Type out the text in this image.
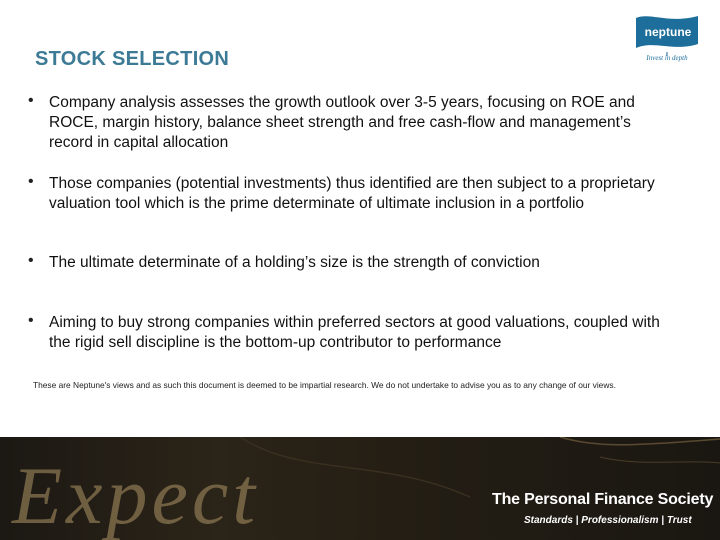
STOCK SELECTION
neptune
Invest in depth
• Company analysis assesses the growth outlook over 3-5 years, focusing on ROE and ROCE, margin history, balance sheet strength and free cash-flow and management’s record in capital allocation
• Those companies (potential investments) thus identified are then subject to a proprietary valuation tool which is the prime determinate of ultimate inclusion in a portfolio
• The ultimate determinate of a holding’s size is the strength of conviction
• Aiming to buy strong companies within preferred sectors at good valuations, coupled with the rigid sell discipline is the bottom-up contributor to performance
These are Neptune's views and as such this document is deemed to be impartial research. We do not undertake to advise you as to any change of our views.
Expect	The Personal Finance Society
Standards | Professionalism | Trust
